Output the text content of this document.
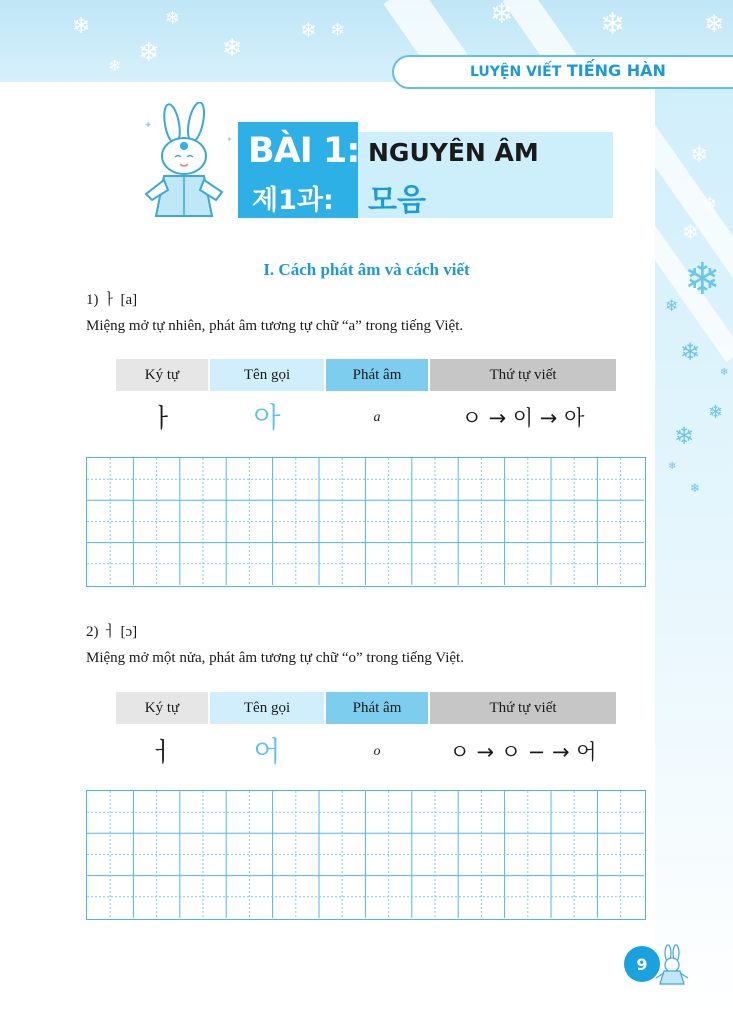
❄
❄
❄
❄
❄
❄ ❄
❄	❄	❄
❄
❄
❄
❄
❄
❄
❄
❄
❄
❄
❄
LUYỆN VIẾT TIẾNG HÀN
✦
✦ BÀI 1:
제1과:
NGUYÊN ÂM
모음
I. Cách phát âm và cách viết
1) ㅏ [a]
Miệng mở tự nhiên, phát âm tương tự chữ “a” trong tiếng Việt.
Ký tự	Tên gọi	Phát âm	Thứ tự viết
ㅏ	아	a	ㅇ → 이 → 아
2) ㅓ [ɔ]
Miệng mở một nửa, phát âm tương tự chữ “o” trong tiếng Việt.
Ký tự	Tên gọi	Phát âm	Thứ tự viết
ㅓ	어	o	ㅇ → ㅇ − → 어
9
